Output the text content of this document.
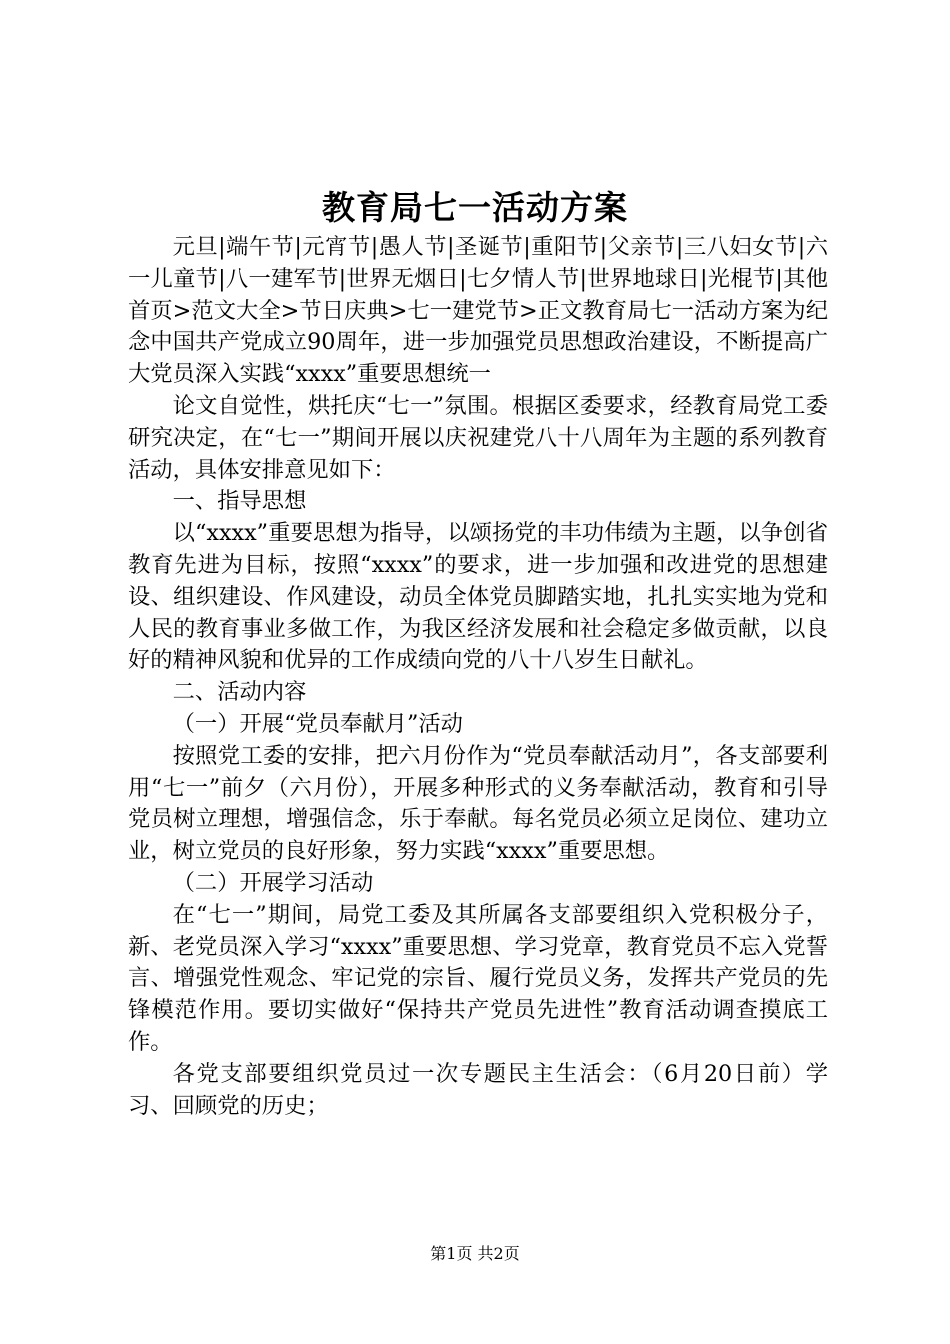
教育局七一活动方案

元旦|端午节|元宵节|愚人节|圣诞节|重阳节|父亲节|三八妇女节|六一儿童节|八一建军节|世界无烟日|七夕情人节|世界地球日|光棍节|其他首页>范文大全>节日庆典>七一建党节>正文教育局七一活动方案为纪念中国共产党成立90周年，进一步加强党员思想政治建设，不断提高广大党员深入实践“xxxx”重要思想统一

论文自觉性，烘托庆“七一”氛围。根据区委要求，经教育局党工委研究决定，在“七一”期间开展以庆祝建党八十八周年为主题的系列教育活动，具体安排意见如下：

一、指导思想

以“xxxx”重要思想为指导，以颂扬党的丰功伟绩为主题，以争创省教育先进为目标，按照“xxxx”的要求，进一步加强和改进党的思想建设、组织建设、作风建设，动员全体党员脚踏实地，扎扎实实地为党和人民的教育事业多做工作，为我区经济发展和社会稳定多做贡献，以良好的精神风貌和优异的工作成绩向党的八十八岁生日献礼。

二、活动内容

（一）开展“党员奉献月”活动

按照党工委的安排，把六月份作为“党员奉献活动月”，各支部要利用“七一”前夕（六月份），开展多种形式的义务奉献活动，教育和引导党员树立理想，增强信念，乐于奉献。每名党员必须立足岗位、建功立业，树立党员的良好形象，努力实践“xxxx”重要思想。

（二）开展学习活动

在“七一”期间，局党工委及其所属各支部要组织入党积极分子，新、老党员深入学习“xxxx”重要思想、学习党章，教育党员不忘入党誓言、增强党性观念、牢记党的宗旨、履行党员义务，发挥共产党员的先锋模范作用。要切实做好“保持共产党员先进性”教育活动调查摸底工作。

各党支部要组织党员过一次专题民主生活会：（6月20日前）学习、回顾党的历史；

第1页 共2页
